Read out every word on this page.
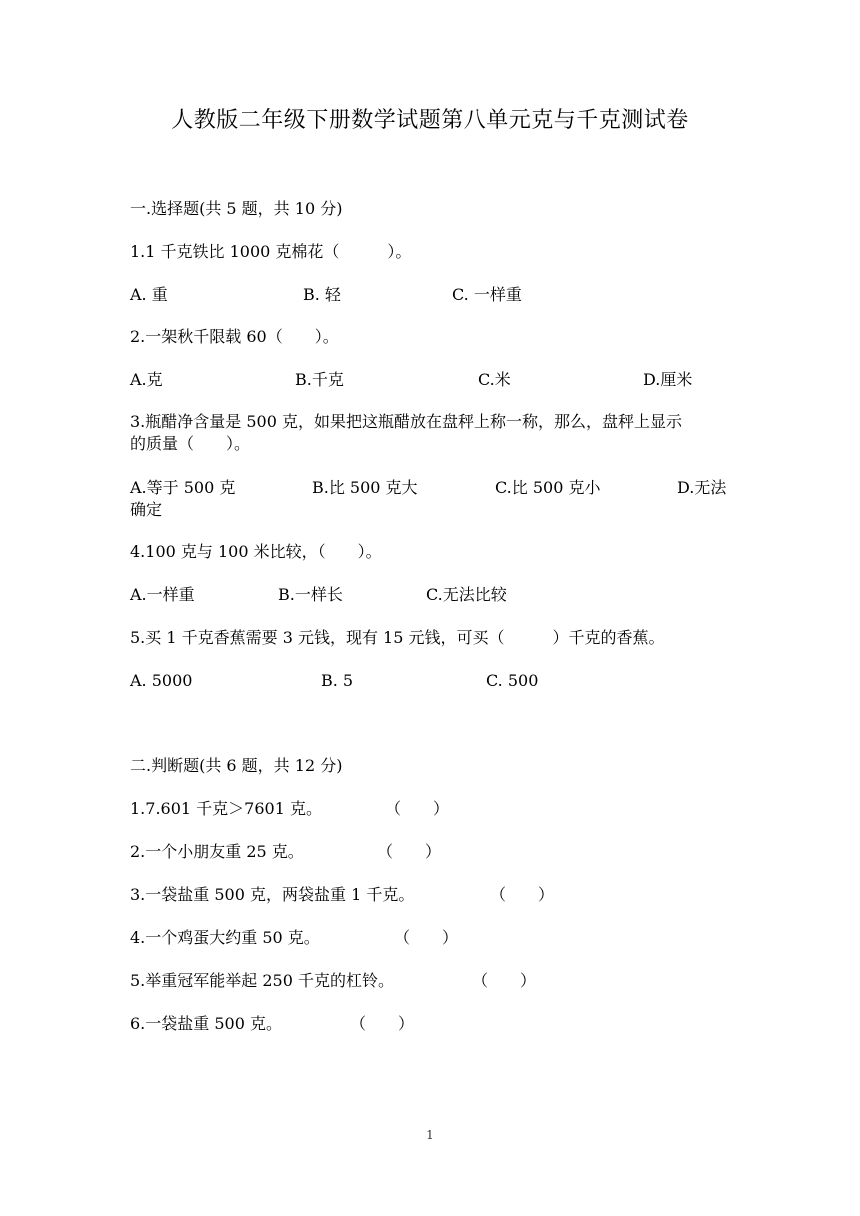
人教版二年级下册数学试题第八单元克与千克测试卷
一.选择题(共 5 题，共 10 分)
1.1 千克铁比 1000 克棉花（　　　）。
A. 重	B. 轻	C. 一样重
2.一架秋千限载 60（　　）。
A.克	B.千克	C.米	D.厘米
3.瓶醋净含量是 500 克，如果把这瓶醋放在盘秤上称一称，那么，盘秤上显示
的质量（　　）。
A.等于 500 克	B.比 500 克大	C.比 500 克小	D.无法
确定
4.100 克与 100 米比较，（　　）。
A.一样重	B.一样长	C.无法比较
5.买 1 千克香蕉需要 3 元钱，现有 15 元钱，可买（　　　）千克的香蕉。
A. 5000	B. 5	C. 500
二.判断题(共 6 题，共 12 分)
1.7.601 千克＞7601 克。	（　　）
2.一个小朋友重 25 克。	（　　）
3.一袋盐重 500 克，两袋盐重 1 千克。	（　　）
4.一个鸡蛋大约重 50 克。	（　　）
5.举重冠军能举起 250 千克的杠铃。	（　　）
6.一袋盐重 500 克。	（　　）
1
